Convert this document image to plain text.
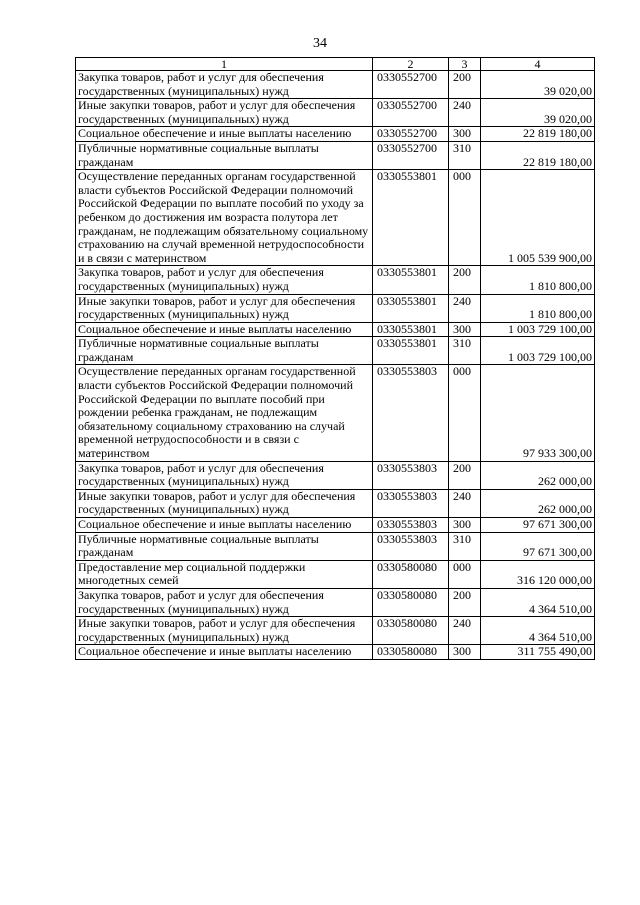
34
1	2	3	4
Закупка товаров, работ и услуг для обеспечения государственных (муниципальных) нужд	0330552700	200	39 020,00
Иные закупки товаров, работ и услуг для обеспечения государственных (муниципальных) нужд	0330552700	240	39 020,00
Социальное обеспечение и иные выплаты населению	0330552700	300	22 819 180,00
Публичные нормативные социальные выплаты гражданам	0330552700	310	22 819 180,00
Осуществление переданных органам государственной власти субъектов Российской Федерации полномочий Российской Федерации по выплате пособий по уходу за ребенком до достижения им возраста полутора лет гражданам, не подлежащим обязательному социальному страхованию на случай временной нетрудоспособности и в связи с материнством	0330553801	000	1 005 539 900,00
Закупка товаров, работ и услуг для обеспечения государственных (муниципальных) нужд	0330553801	200	1 810 800,00
Иные закупки товаров, работ и услуг для обеспечения государственных (муниципальных) нужд	0330553801	240	1 810 800,00
Социальное обеспечение и иные выплаты населению	0330553801	300	1 003 729 100,00
Публичные нормативные социальные выплаты гражданам	0330553801	310	1 003 729 100,00
Осуществление переданных органам государственной власти субъектов Российской Федерации полномочий Российской Федерации по выплате пособий при рождении ребенка гражданам, не подлежащим обязательному социальному страхованию на случай временной нетрудоспособности и в связи с материнством	0330553803	000	97 933 300,00
Закупка товаров, работ и услуг для обеспечения государственных (муниципальных) нужд	0330553803	200	262 000,00
Иные закупки товаров, работ и услуг для обеспечения государственных (муниципальных) нужд	0330553803	240	262 000,00
Социальное обеспечение и иные выплаты населению	0330553803	300	97 671 300,00
Публичные нормативные социальные выплаты гражданам	0330553803	310	97 671 300,00
Предоставление мер социальной поддержки многодетных семей	0330580080	000	316 120 000,00
Закупка товаров, работ и услуг для обеспечения государственных (муниципальных) нужд	0330580080	200	4 364 510,00
Иные закупки товаров, работ и услуг для обеспечения государственных (муниципальных) нужд	0330580080	240	4 364 510,00
Социальное обеспечение и иные выплаты населению	0330580080	300	311 755 490,00
